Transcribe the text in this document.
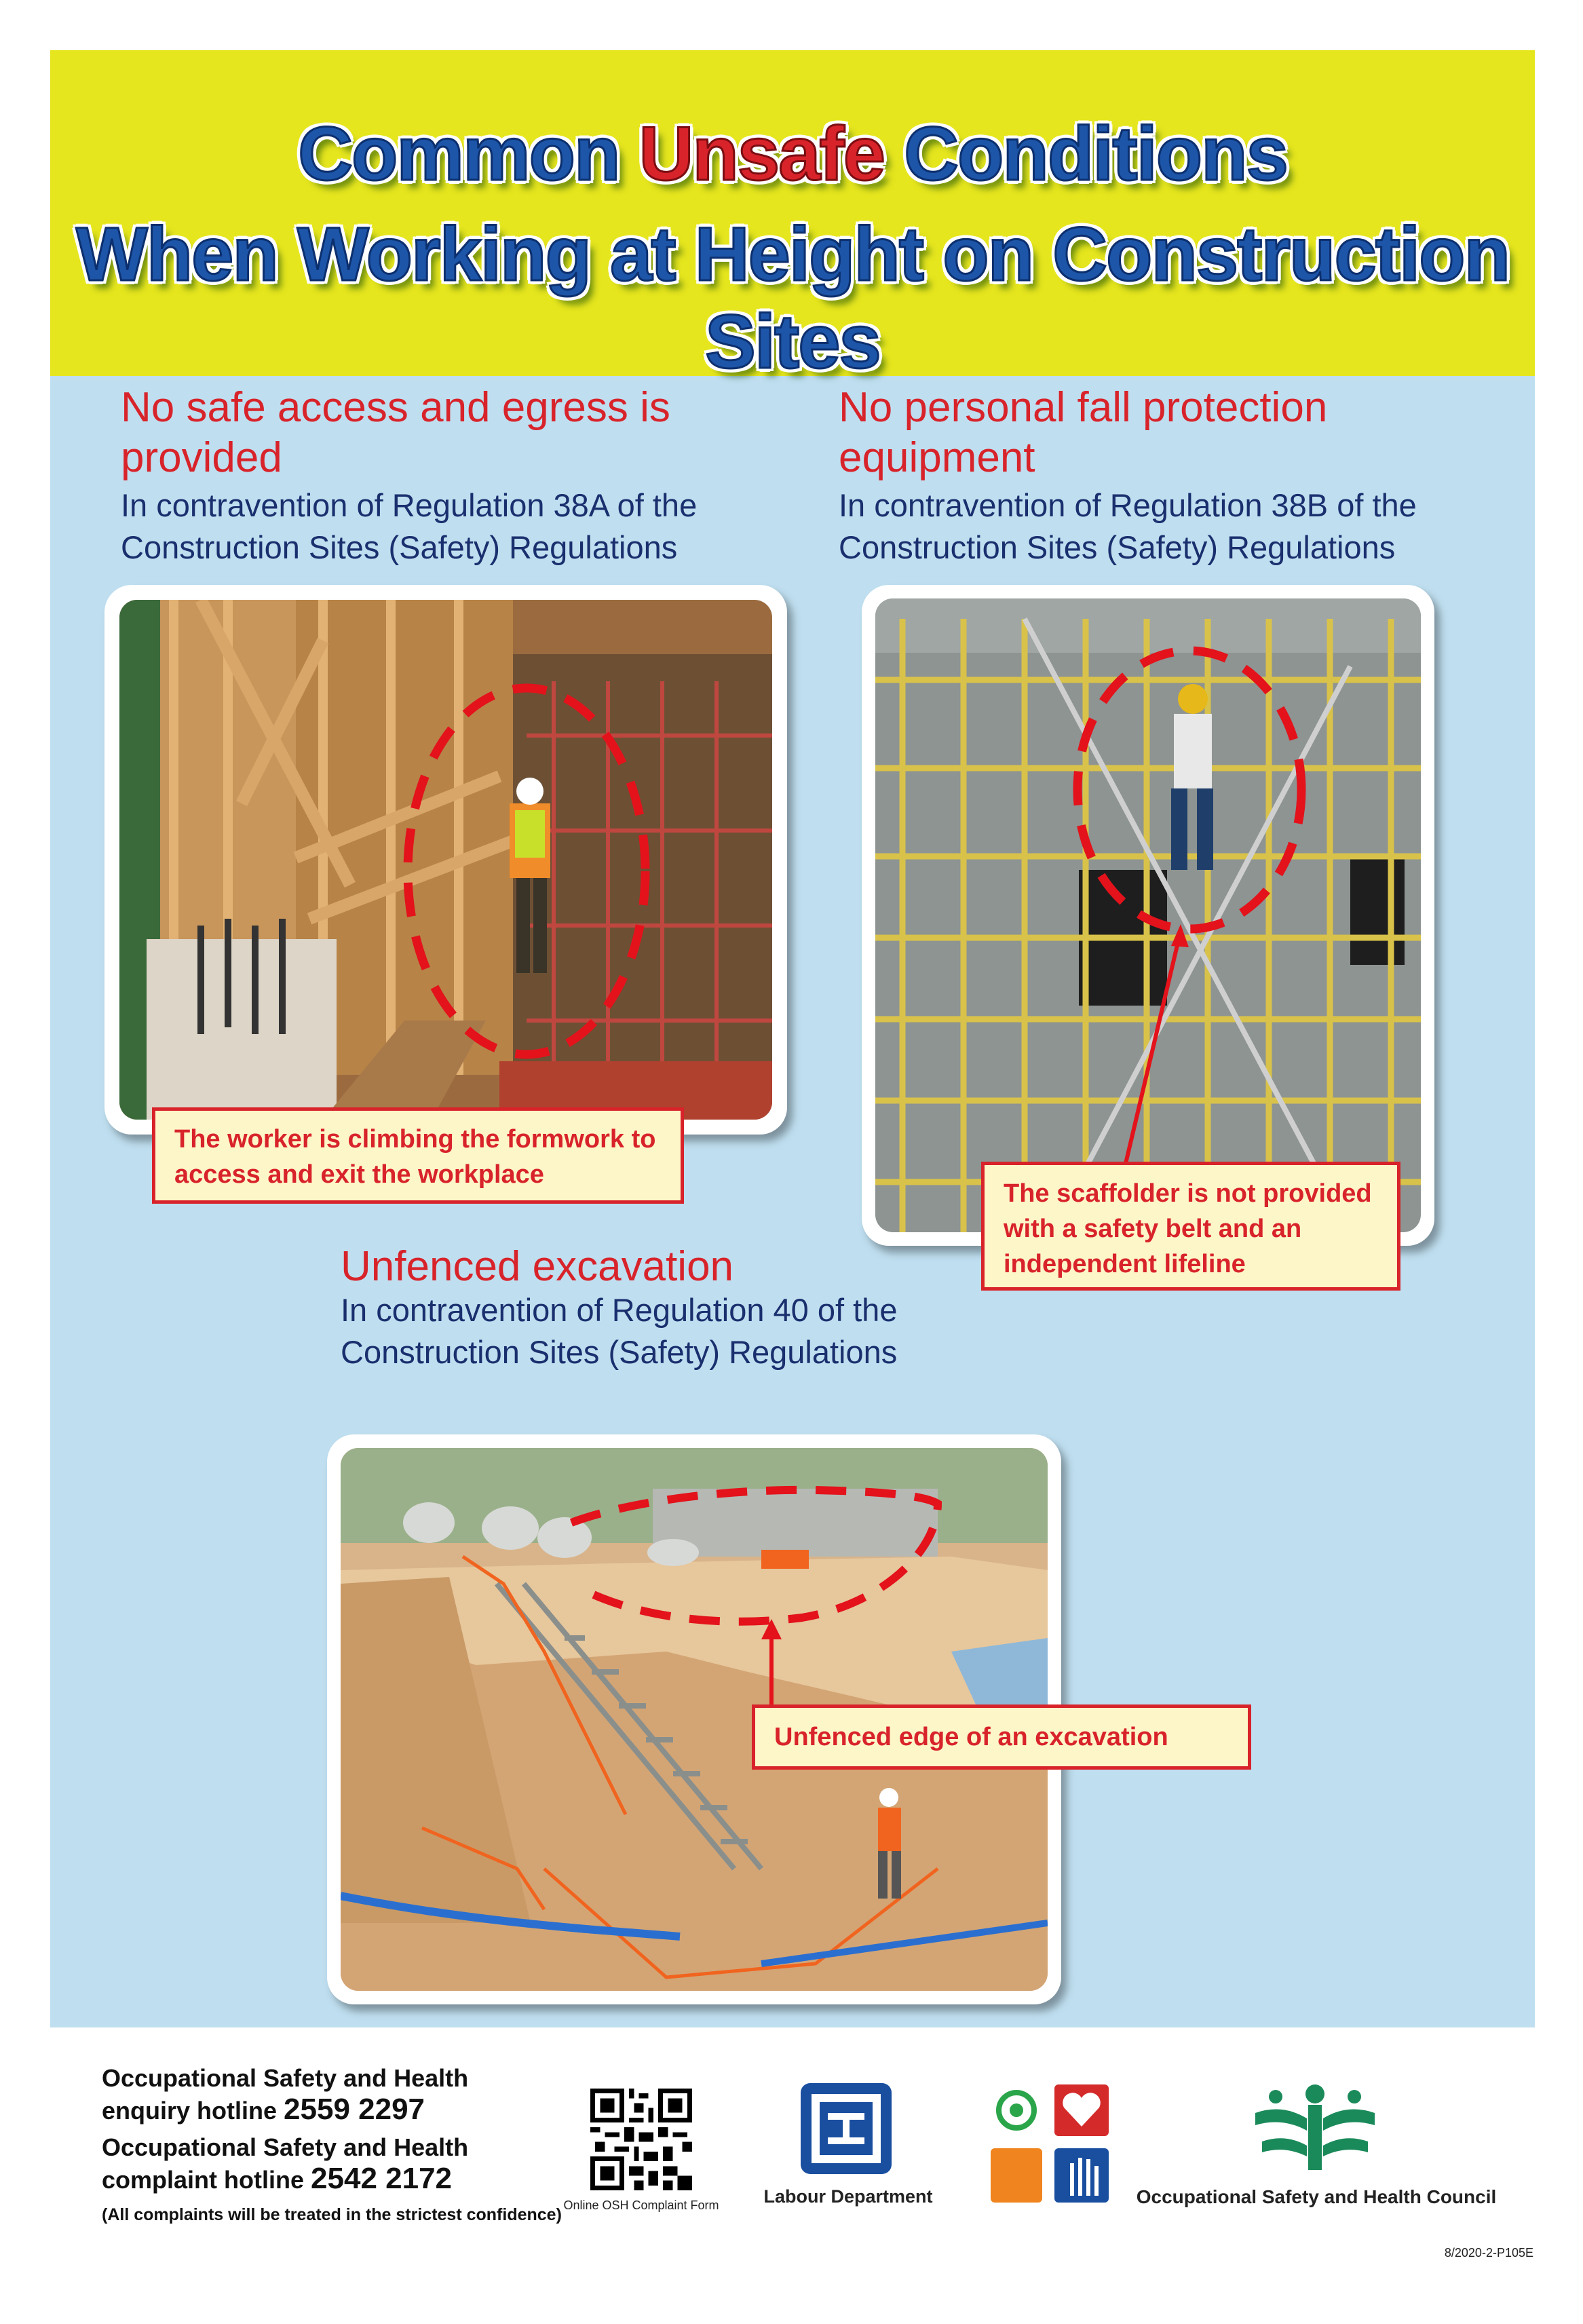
Common Unsafe Conditions
When Working at Height on Construction Sites
No safe access and egress is provided
In contravention of Regulation 38A of the Construction Sites (Safety) Regulations
The worker is climbing the formwork to access and exit the workplace
No personal fall protection equipment
In contravention of Regulation 38B of the Construction Sites (Safety) Regulations
The scaffolder is not provided with a safety belt and an independent lifeline
Unfenced excavation
In contravention of Regulation 40 of the Construction Sites (Safety) Regulations
Unfenced edge of an excavation
Occupational Safety and Health
enquiry hotline 2559 2297
Occupational Safety and Health
complaint hotline 2542 2172
(All complaints will be treated in the strictest confidence) Online OSH Complaint Form	Labour Department	Occupational Safety and Health Council
8/2020-2-P105E
